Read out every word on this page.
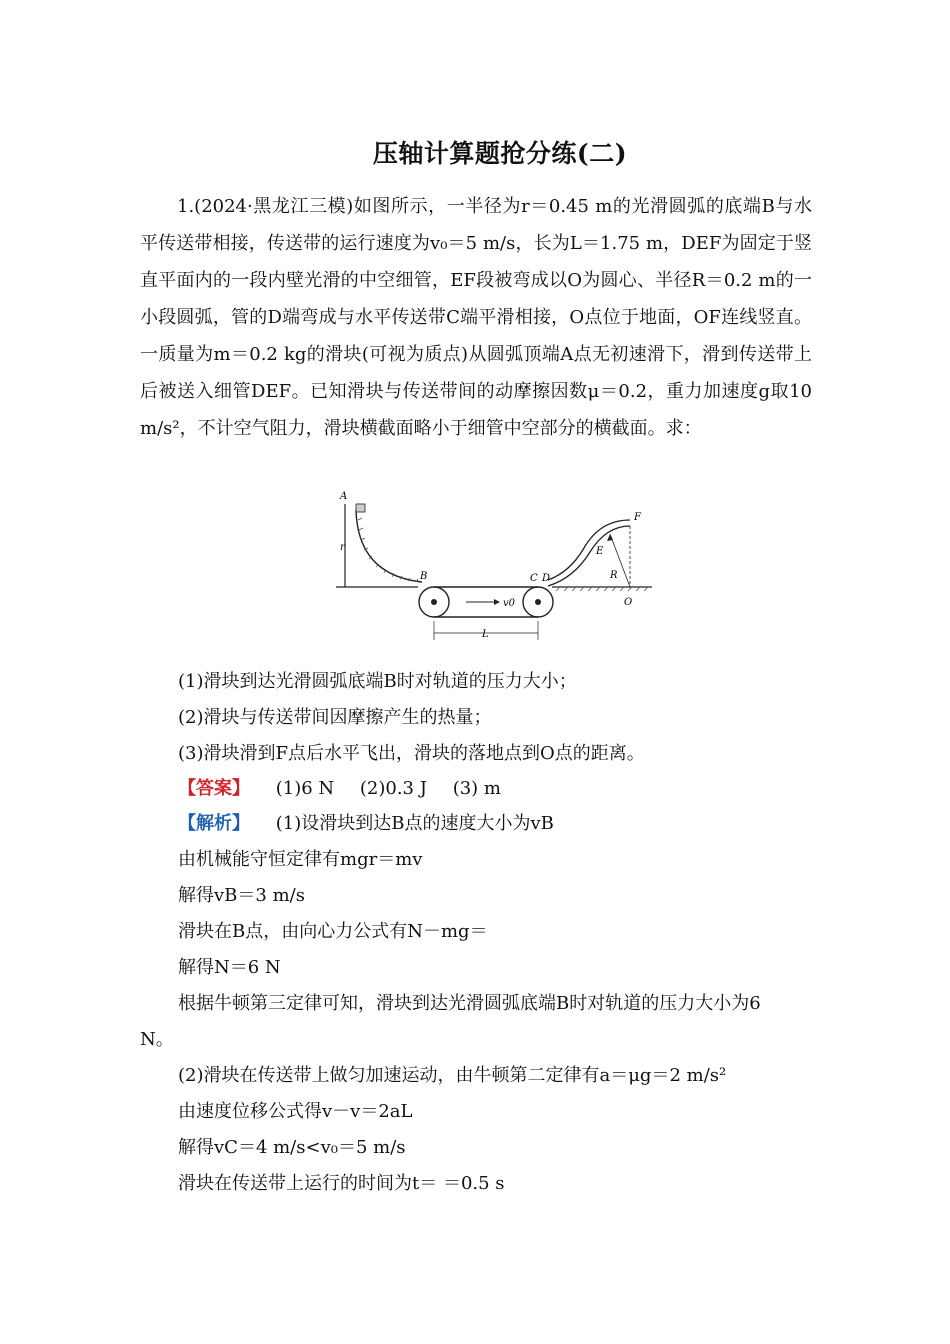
压轴计算题抢分练(二)

1.(2024·黑龙江三模)如图所示，一半径为r＝0.45 m的光滑圆弧的底端B与水平传送带相接，传送带的运行速度为v₀＝5 m/s，长为L＝1.75 m，DEF为固定于竖直平面内的一段内壁光滑的中空细管，EF段被弯成以O为圆心、半径R＝0.2 m的一小段圆弧，管的D端弯成与水平传送带C端平滑相接，O点位于地面，OF连线竖直。一质量为m＝0.2 kg的滑块(可视为质点)从圆弧顶端A点无初速滑下，滑到传送带上后被送入细管DEF。已知滑块与传送带间的动摩擦因数μ＝0.2，重力加速度g取10 m/s²，不计空气阻力，滑块横截面略小于细管中空部分的横截面。求：

A
r
B
v0
L
C D
F
E
R
O
(1)滑块到达光滑圆弧底端B时对轨道的压力大小；
(2)滑块与传送带间因摩擦产生的热量；
(3)滑块滑到F点后水平飞出，滑块的落地点到O点的距离。
【答案】 (1)6 N (2)0.3 J (3) m
【解析】 (1)设滑块到达B点的速度大小为vB
由机械能守恒定律有mgr＝mv
解得vB＝3 m/s
滑块在B点，由向心力公式有N－mg＝
解得N＝6 N
根据牛顿第三定律可知，滑块到达光滑圆弧底端B时对轨道的压力大小为6
N。
(2)滑块在传送带上做匀加速运动，由牛顿第二定律有a＝μg＝2 m/s²
由速度位移公式得v－v＝2aL
解得vC＝4 m/s<v₀＝5 m/s
滑块在传送带上运行的时间为t＝ ＝0.5 s
